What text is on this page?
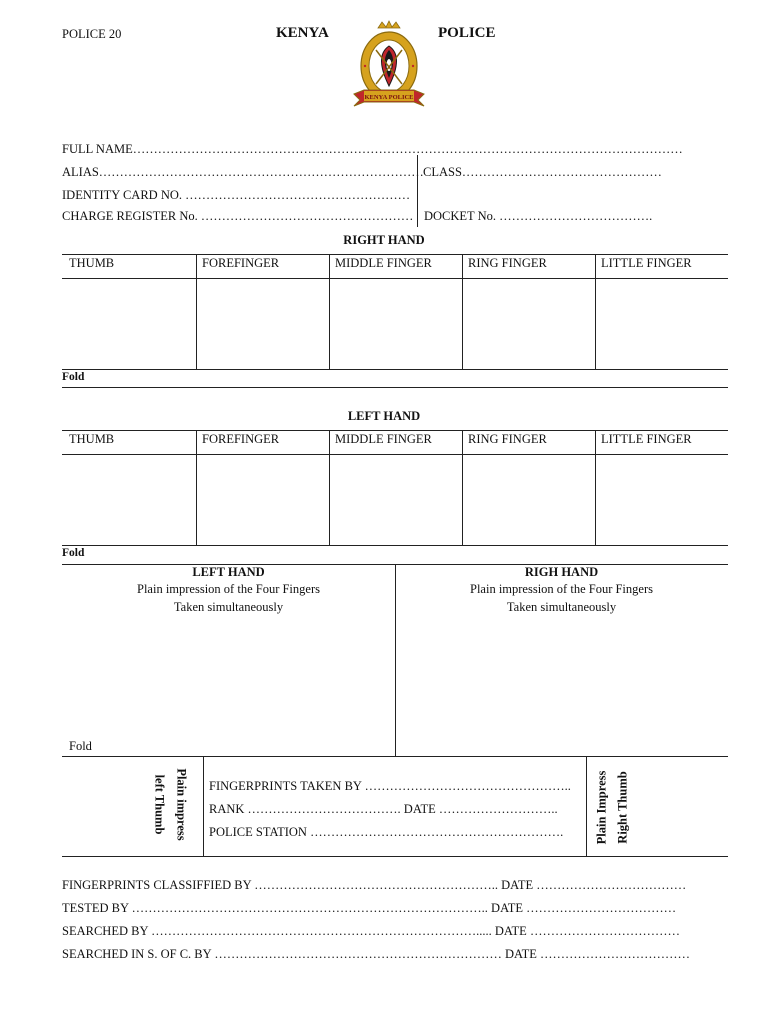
POLICE 20	KENYA	POLICE
KENYA POLICE
FULL NAME……………………………………………………………………………………………………………………
ALIAS…………………………………………………………………… CLASS…………………………………………
IDENTITY CARD NO. ………………………………………………
CHARGE REGISTER No. …………………………………………… DOCKET No. ……………………………….
RIGHT HAND
THUMB	FOREFINGER	MIDDLE FINGER	RING FINGER	LITTLE FINGER
Fold
LEFT HAND
THUMB	FOREFINGER	MIDDLE FINGER	RING FINGER	LITTLE FINGER
Fold
LEFT HAND
Plain impression of the Four Fingers
Taken simultaneously
RIGH HAND
Plain impression of the Four Fingers
Taken simultaneously
Fold
Plain impress
left Thumb	FINGERPRINTS TAKEN BY …………………………………………..
RANK ………………………………. DATE ………………………..
POLICE STATION …………………………………………………….	Plain Impress Right Thumb
FINGERPRINTS CLASSIFFIED BY ………………………………………………….. DATE ………………………………
TESTED BY ………………………………………………………………………….. DATE ………………………………
SEARCHED BY ……………………………………………………………………..... DATE ………………………………
SEARCHED IN S. OF C. BY …………………………………………………………… DATE ………………………………
